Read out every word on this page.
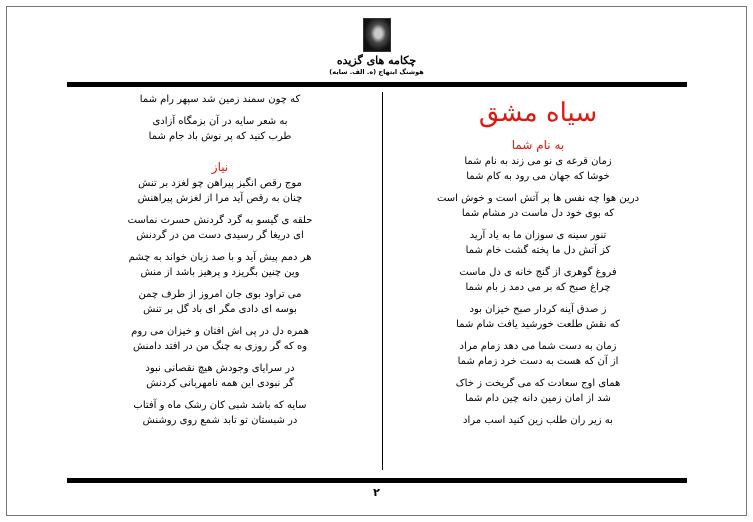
چکامه های گزیده
هوشنگ ابتهاج (ه. الف. سایه)
که چون سمند زمین شد سپهر رام شما
به شعر سایه در آن بزمگاه آزادی
طرب کنید که پر نوش باد جام شما
نیاز
موج رقص انگیز پیراهن چو لغزد بر تنش
چنان به رقص آید مرا از لغزش پیراهنش
حلقه ی گیسو به گرد گردنش حسرت نماست
ای دریغا گر رسیدی دست من در گردنش
هر دمم پیش آید و با صد زبان خواند به چشم
وین چنین بگریزد و پرهیز باشد از منش
می تراود بوی جان امروز از طرف چمن
بوسه ای دادی مگر ای باد گل بر تنش
همره دل در پی اش افتان و خیزان می روم
وه که گر روزی به چنگ من در افتد دامنش
در سرایای وجودش هیچ نقصانی نبود
گر نبودی این همه نامهربانی کردنش
سایه که باشد شبی کان رشک ماه و آفتاب
در شبستان تو تابد شمع روی روشنش
سیاه مشق
به نام شما
زمان قرعه ی نو می زند به نام شما
خوشا که جهان می رود به کام شما
درین هوا چه نفس ها پر آتش است و خوش است
که بوی خود دل ماست در مشام شما
تنور سینه ی سوزان ما به یاد آرید
کز آتش دل ما پخته گشت خام شما
فروغ گوهری از گنج خانه ی دل ماست
چراغ صبح که بر می دمد ز بام شما
ز صدق آینه کردار صبح خیزان بود
که نقش طلعت خورشید یافت شام شما
زمان به دست شما می دهد زمام مراد
از آن که هست به دست خرد زمام شما
همای اوج سعادت که می گریخت ز خاک
شد از امان زمین دانه چین دام شما
به زیر ران طلب زین کنید اسب مراد
۲
